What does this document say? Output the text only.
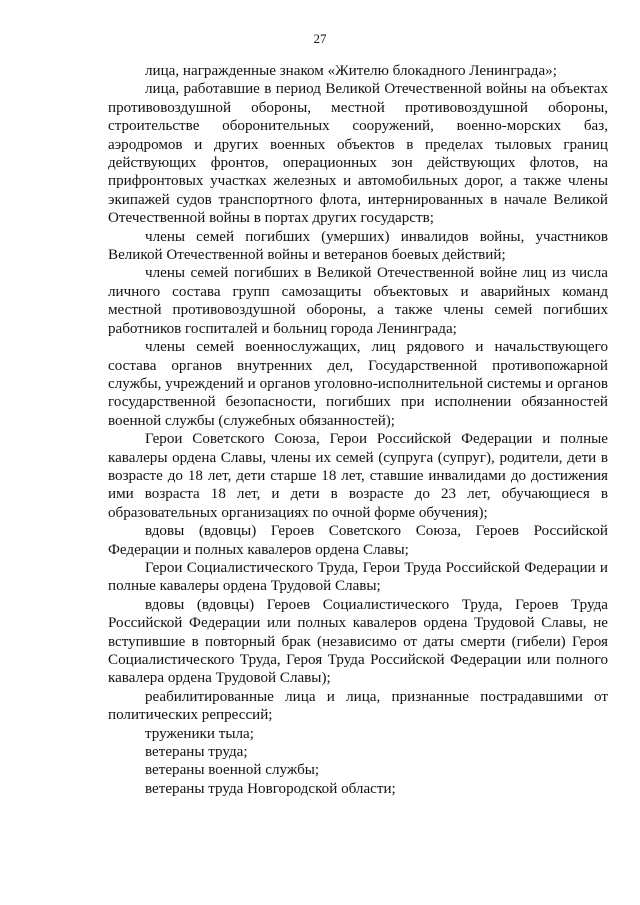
27

лица, награжденные знаком «Жителю блокадного Ленинграда»;

лица, работавшие в период Великой Отечественной войны на объектах противовоздушной обороны, местной противовоздушной обороны, строительстве оборонительных сооружений, военно-морских баз, аэродромов и других военных объектов в пределах тыловых границ действующих фронтов, операционных зон действующих флотов, на прифронтовых участках железных и автомобильных дорог, а также члены экипажей судов транспортного флота, интернированных в начале Великой Отечественной войны в портах других государств;

члены семей погибших (умерших) инвалидов войны, участников Великой Отечественной войны и ветеранов боевых действий;

члены семей погибших в Великой Отечественной войне лиц из числа личного состава групп самозащиты объектовых и аварийных команд местной противовоздушной обороны, а также члены семей погибших работников госпиталей и больниц города Ленинграда;

члены семей военнослужащих, лиц рядового и начальствующего состава органов внутренних дел, Государственной противопожарной службы, учреждений и органов уголовно-исполнительной системы и органов государственной безопасности, погибших при исполнении обязанностей военной службы (служебных обязанностей);

Герои Советского Союза, Герои Российской Федерации и полные кавалеры ордена Славы, члены их семей (супруга (супруг), родители, дети в возрасте до 18 лет, дети старше 18 лет, ставшие инвалидами до достижения ими возраста 18 лет, и дети в возрасте до 23 лет, обучающиеся в образовательных организациях по очной форме обучения);

вдовы (вдовцы) Героев Советского Союза, Героев Российской Федерации и полных кавалеров ордена Славы;

Герои Социалистического Труда, Герои Труда Российской Федерации и полные кавалеры ордена Трудовой Славы;

вдовы (вдовцы) Героев Социалистического Труда, Героев Труда Российской Федерации или полных кавалеров ордена Трудовой Славы, не вступившие в повторный брак (независимо от даты смерти (гибели) Героя Социалистического Труда, Героя Труда Российской Федерации или полного кавалера ордена Трудовой Славы);

реабилитированные лица и лица, признанные пострадавшими от политических репрессий;

труженики тыла;

ветераны труда;

ветераны военной службы;

ветераны труда Новгородской области;
